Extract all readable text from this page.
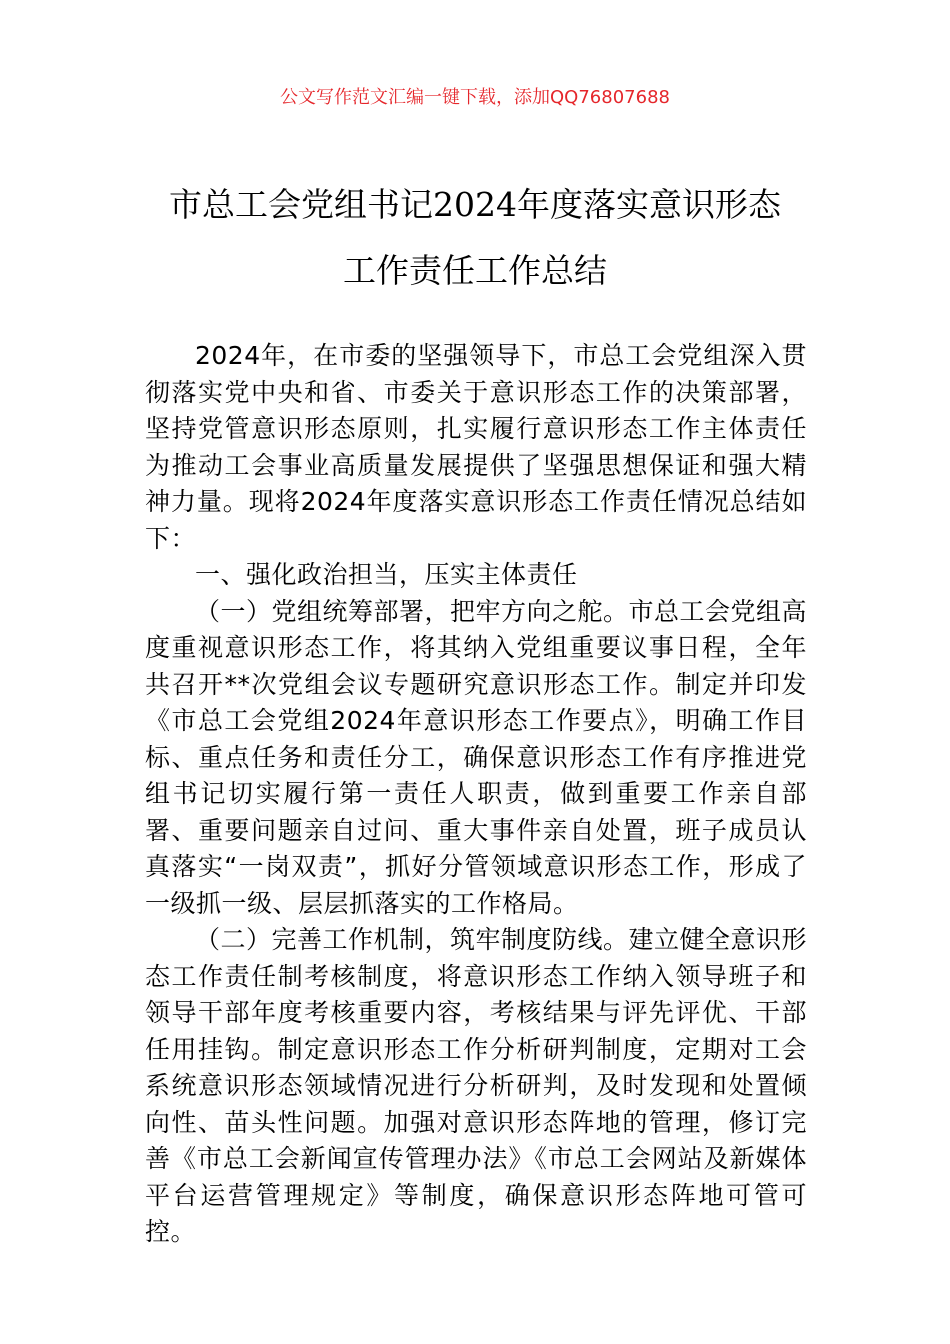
公文写作范文汇编一键下载，添加QQ76807688
市总工会党组书记2024年度落实意识形态
工作责任工作总结

2024年，在市委的坚强领导下，市总工会党组深入贯彻落实党中央和省、市委关于意识形态工作的决策部署，坚持党管意识形态原则，扎实履行意识形态工作主体责任为推动工会事业高质量发展提供了坚强思想保证和强大精神力量。现将2024年度落实意识形态工作责任情况总结如下：

一、强化政治担当，压实主体责任

（一）党组统筹部署，把牢方向之舵。市总工会党组高度重视意识形态工作，将其纳入党组重要议事日程，全年共召开**次党组会议专题研究意识形态工作。制定并印发《市总工会党组2024年意识形态工作要点》，明确工作目标、重点任务和责任分工，确保意识形态工作有序推进党组书记切实履行第一责任人职责，做到重要工作亲自部署、重要问题亲自过问、重大事件亲自处置，班子成员认真落实“一岗双责”，抓好分管领域意识形态工作，形成了一级抓一级、层层抓落实的工作格局。

（二）完善工作机制，筑牢制度防线。建立健全意识形态工作责任制考核制度，将意识形态工作纳入领导班子和领导干部年度考核重要内容，考核结果与评先评优、干部任用挂钩。制定意识形态工作分析研判制度，定期对工会系统意识形态领域情况进行分析研判，及时发现和处置倾向性、苗头性问题。加强对意识形态阵地的管理，修订完善《市总工会新闻宣传管理办法》《市总工会网站及新媒体平台运营管理规定》等制度，确保意识形态阵地可管可控。
